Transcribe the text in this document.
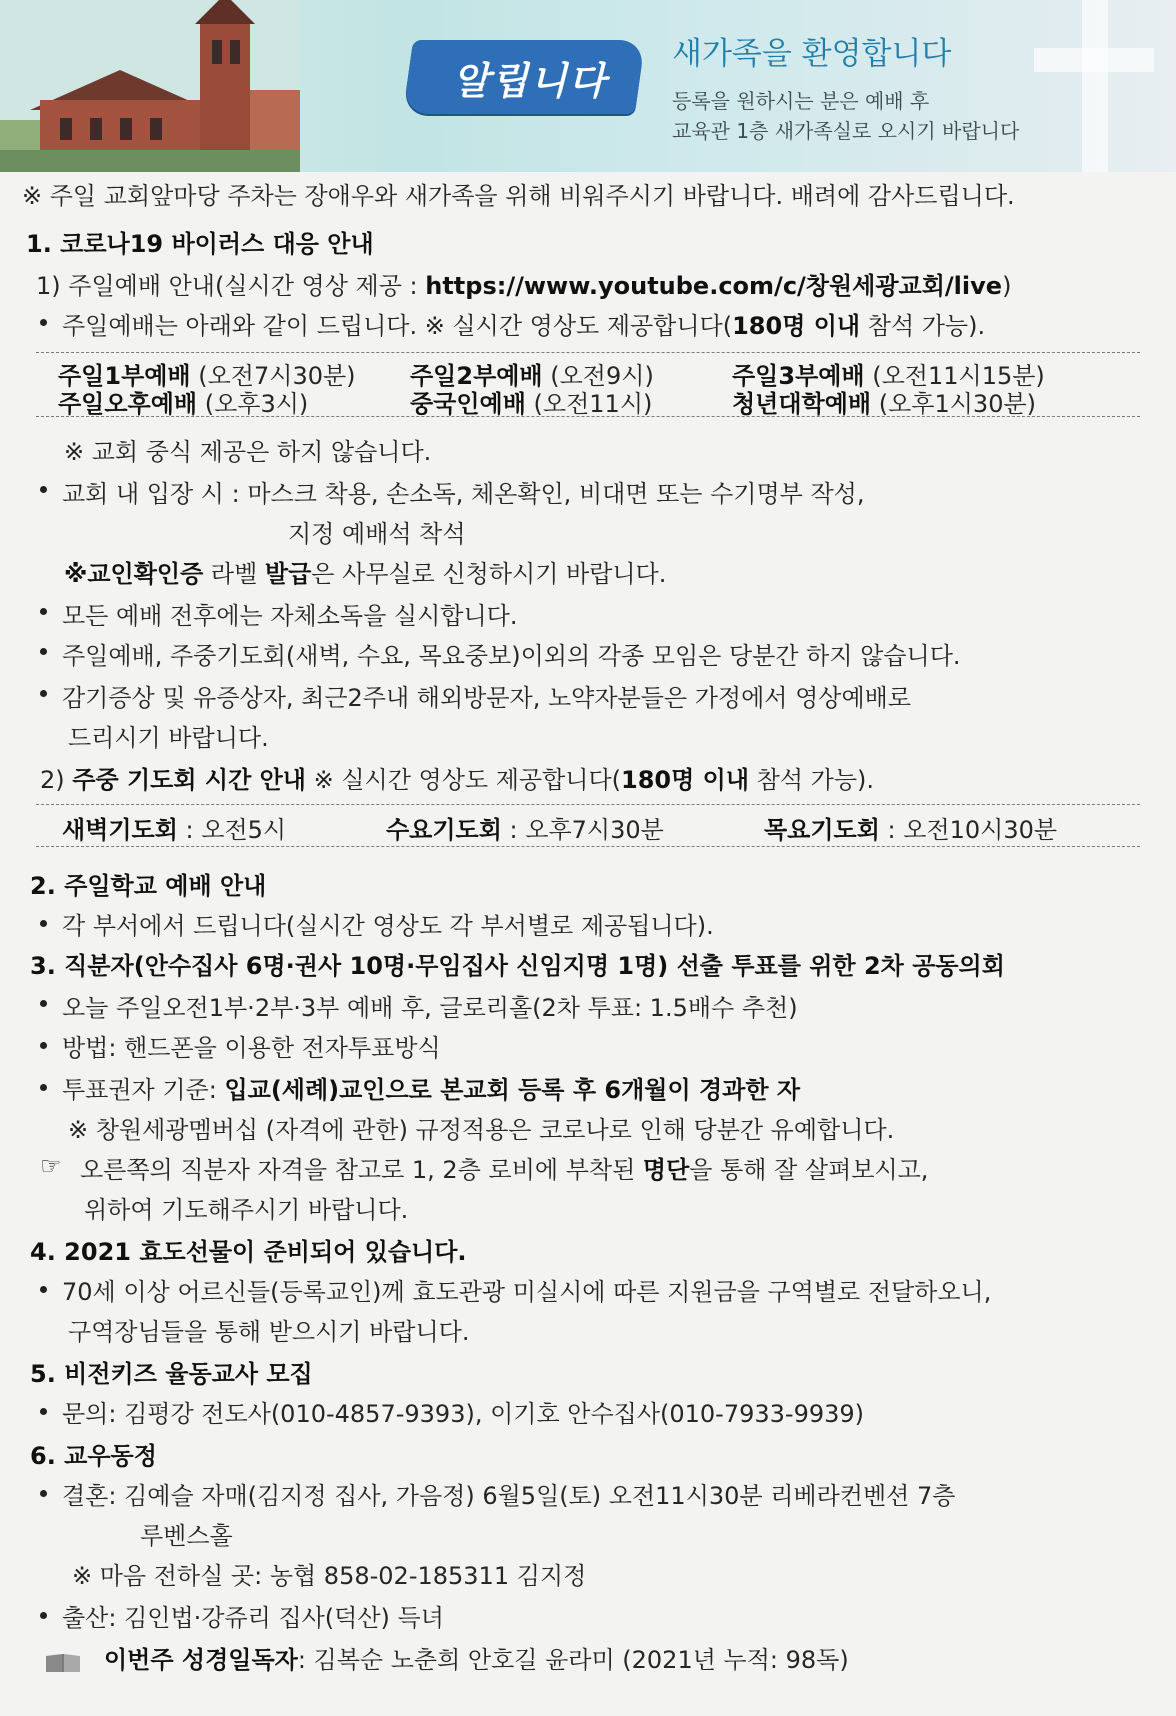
알립니다
새가족을 환영합니다
등록을 원하시는 분은 예배 후
교육관 1층 새가족실로 오시기 바랍니다
※ 주일 교회앞마당 주차는 장애우와 새가족을 위해 비워주시기 바랍니다. 배려에 감사드립니다.
1. 코로나19 바이러스 대응 안내
1) 주일예배 안내(실시간 영상 제공 : https://www.youtube.com/c/창원세광교회/live)
주일예배는 아래와 같이 드립니다. ※ 실시간 영상도 제공합니다(180명 이내 참석 가능).
주일1부예배 (오전7시30분) 주일2부예배 (오전9시)	주일3부예배 (오전11시15분)
주일오후예배 (오후3시)	중국인예배 (오전11시)	청년대학예배 (오후1시30분)
※ 교회 중식 제공은 하지 않습니다.
교회 내 입장 시 : 마스크 착용, 손소독, 체온확인, 비대면 또는 수기명부 작성,
지정 예배석 착석
※교인확인증 라벨 발급은 사무실로 신청하시기 바랍니다.
모든 예배 전후에는 자체소독을 실시합니다.
주일예배, 주중기도회(새벽, 수요, 목요중보)이외의 각종 모임은 당분간 하지 않습니다.
감기증상 및 유증상자, 최근2주내 해외방문자, 노약자분들은 가정에서 영상예배로
드리시기 바랍니다.
2) 주중 기도회 시간 안내 ※ 실시간 영상도 제공합니다(180명 이내 참석 가능).
새벽기도회 : 오전5시	수요기도회 : 오후7시30분	목요기도회 : 오전10시30분
2. 주일학교 예배 안내
각 부서에서 드립니다(실시간 영상도 각 부서별로 제공됩니다).
3. 직분자(안수집사 6명·권사 10명·무임집사 신임지명 1명) 선출 투표를 위한 2차 공동의회
오늘 주일오전1부·2부·3부 예배 후, 글로리홀(2차 투표: 1.5배수 추천)
방법: 핸드폰을 이용한 전자투표방식
투표권자 기준: 입교(세례)교인으로 본교회 등록 후 6개월이 경과한 자
※ 창원세광멤버십 (자격에 관한) 규정적용은 코로나로 인해 당분간 유예합니다.
☞ 오른쪽의 직분자 자격을 참고로 1, 2층 로비에 부착된 명단을 통해 잘 살펴보시고,
위하여 기도해주시기 바랍니다.
4. 2021 효도선물이 준비되어 있습니다.
70세 이상 어르신들(등록교인)께 효도관광 미실시에 따른 지원금을 구역별로 전달하오니,
구역장님들을 통해 받으시기 바랍니다.
5. 비전키즈 율동교사 모집
문의: 김평강 전도사(010-4857-9393), 이기호 안수집사(010-7933-9939)
6. 교우동정
결혼: 김예슬 자매(김지정 집사, 가음정) 6월5일(토) 오전11시30분 리베라컨벤션 7층
루벤스홀
※ 마음 전하실 곳: 농협 858-02-185311 김지정
출산: 김인법·강쥬리 집사(덕산) 득녀
이번주 성경일독자: 김복순 노춘희 안호길 윤라미 (2021년 누적: 98독)
